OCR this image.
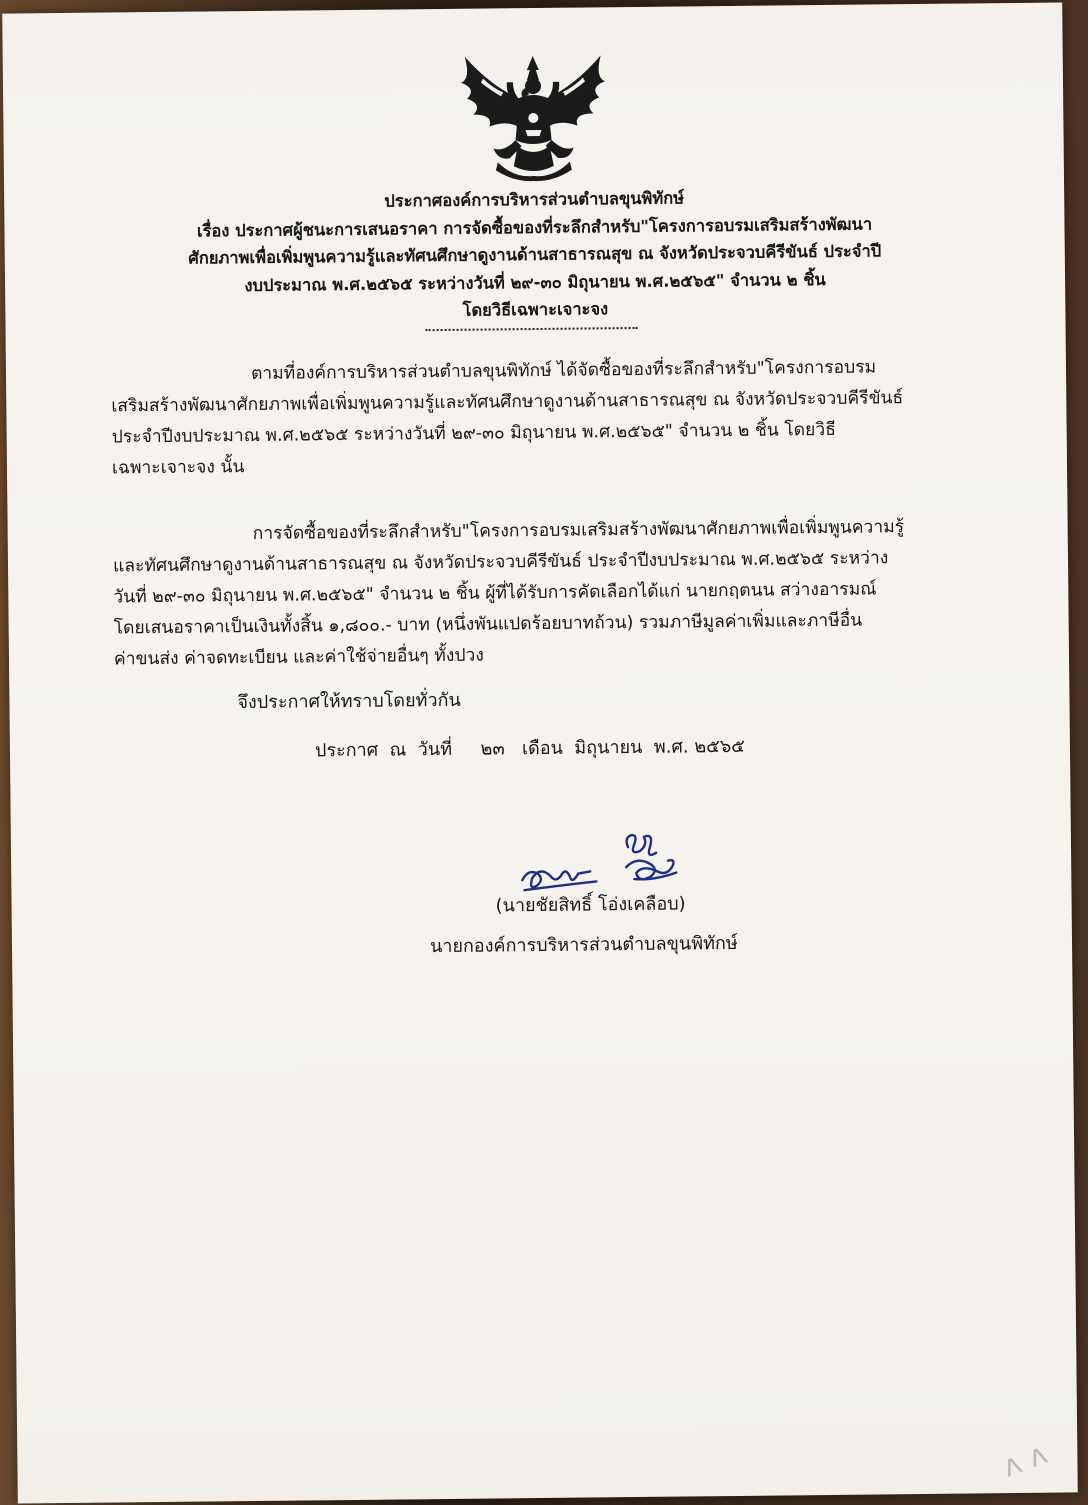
ประกาศองค์การบริหารส่วนตำบลขุนพิทักษ์
เรื่อง ประกาศผู้ชนะการเสนอราคา การจัดซื้อของที่ระลึกสำหรับ"โครงการอบรมเสริมสร้างพัฒนา
ศักยภาพเพื่อเพิ่มพูนความรู้และทัศนศึกษาดูงานด้านสาธารณสุข ณ จังหวัดประจวบคีรีขันธ์ ประจำปี
งบประมาณ พ.ศ.๒๕๖๕ ระหว่างวันที่ ๒๙-๓๐ มิถุนายน พ.ศ.๒๕๖๕" จำนวน ๒ ชิ้น
โดยวิธีเฉพาะเจาะจง
ตามที่องค์การบริหารส่วนตำบลขุนพิทักษ์ ได้จัดซื้อของที่ระลึกสำหรับ"โครงการอบรม
เสริมสร้างพัฒนาศักยภาพเพื่อเพิ่มพูนความรู้และทัศนศึกษาดูงานด้านสาธารณสุข ณ จังหวัดประจวบคีรีขันธ์
ประจำปีงบประมาณ พ.ศ.๒๕๖๕ ระหว่างวันที่ ๒๙-๓๐ มิถุนายน พ.ศ.๒๕๖๕" จำนวน ๒ ชิ้น โดยวิธี
เฉพาะเจาะจง นั้น
การจัดซื้อของที่ระลึกสำหรับ"โครงการอบรมเสริมสร้างพัฒนาศักยภาพเพื่อเพิ่มพูนความรู้
และทัศนศึกษาดูงานด้านสาธารณสุข ณ จังหวัดประจวบคีรีขันธ์ ประจำปีงบประมาณ พ.ศ.๒๕๖๕ ระหว่าง
วันที่ ๒๙-๓๐ มิถุนายน พ.ศ.๒๕๖๕" จำนวน ๒ ชิ้น ผู้ที่ได้รับการคัดเลือกได้แก่ นายกฤตนน สว่างอารมณ์
โดยเสนอราคาเป็นเงินทั้งสิ้น ๑,๘๐๐.- บาท (หนึ่งพันแปดร้อยบาทถ้วน) รวมภาษีมูลค่าเพิ่มและภาษีอื่น
ค่าขนส่ง ค่าจดทะเบียน และค่าใช้จ่ายอื่นๆ ทั้งปวง
จึงประกาศให้ทราบโดยทั่วกัน
ประกาศ  ณ  วันที่     ๒๓   เดือน  มิถุนายน  พ.ศ. ๒๕๖๕
(นายชัยสิทธิ์ โอ่งเคลือบ)
นายกองค์การบริหารส่วนตำบลขุนพิทักษ์
ʌ ʌ
